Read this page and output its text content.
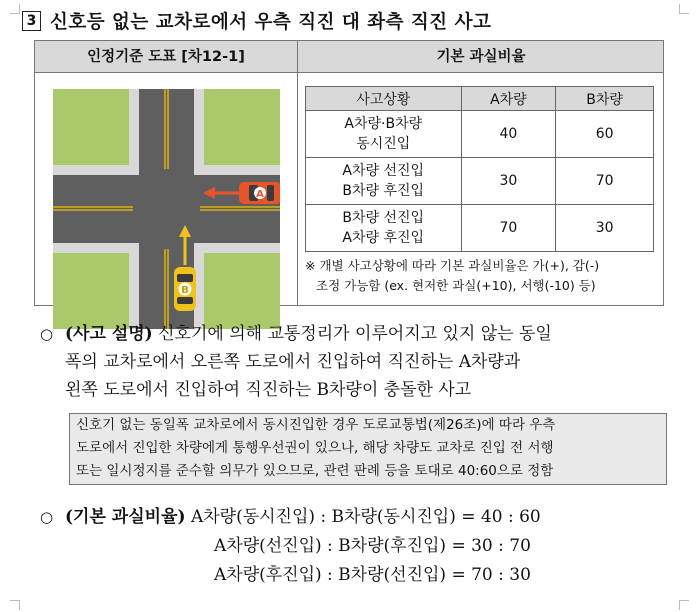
3 신호등 없는 교차로에서 우측 직진 대 좌측 직진 사고
인정기준 도표 [차12-1]	기본 과실비율
A
B
사고상황	A차량	B차량

A차량·B차량
동시진입	40	60

A차량 선진입
B차량 후진입	30	70

B차량 선진입
A차량 후진입	70	30
※ 개별 사고상황에 따라 기본 과실비율은 가(+), 감(-)
조정 가능함 (ex. 현저한 과실(+10), 서행(-10) 등)
○ (사고 설명) 신호기에 의해 교통정리가 이루어지고 있지 않는 동일
폭의 교차로에서 오른쪽 도로에서 진입하여 직진하는 A차량과
왼쪽 도로에서 진입하여 직진하는 B차량이 충돌한 사고
신호기 없는 동일폭 교차로에서 동시진입한 경우 도로교통법(제26조)에 따라 우측
도로에서 진입한 차량에게 통행우선권이 있으나, 해당 차량도 교차로 진입 전 서행
또는 일시정지를 준수할 의무가 있으므로, 관련 판례 등을 토대로 40:60으로 정함
○ (기본 과실비율) A차량(동시진입) : B차량(동시진입) = 40 : 60
A차량(선진입) : B차량(후진입) = 30 : 70
A차량(후진입) : B차량(선진입) = 70 : 30
